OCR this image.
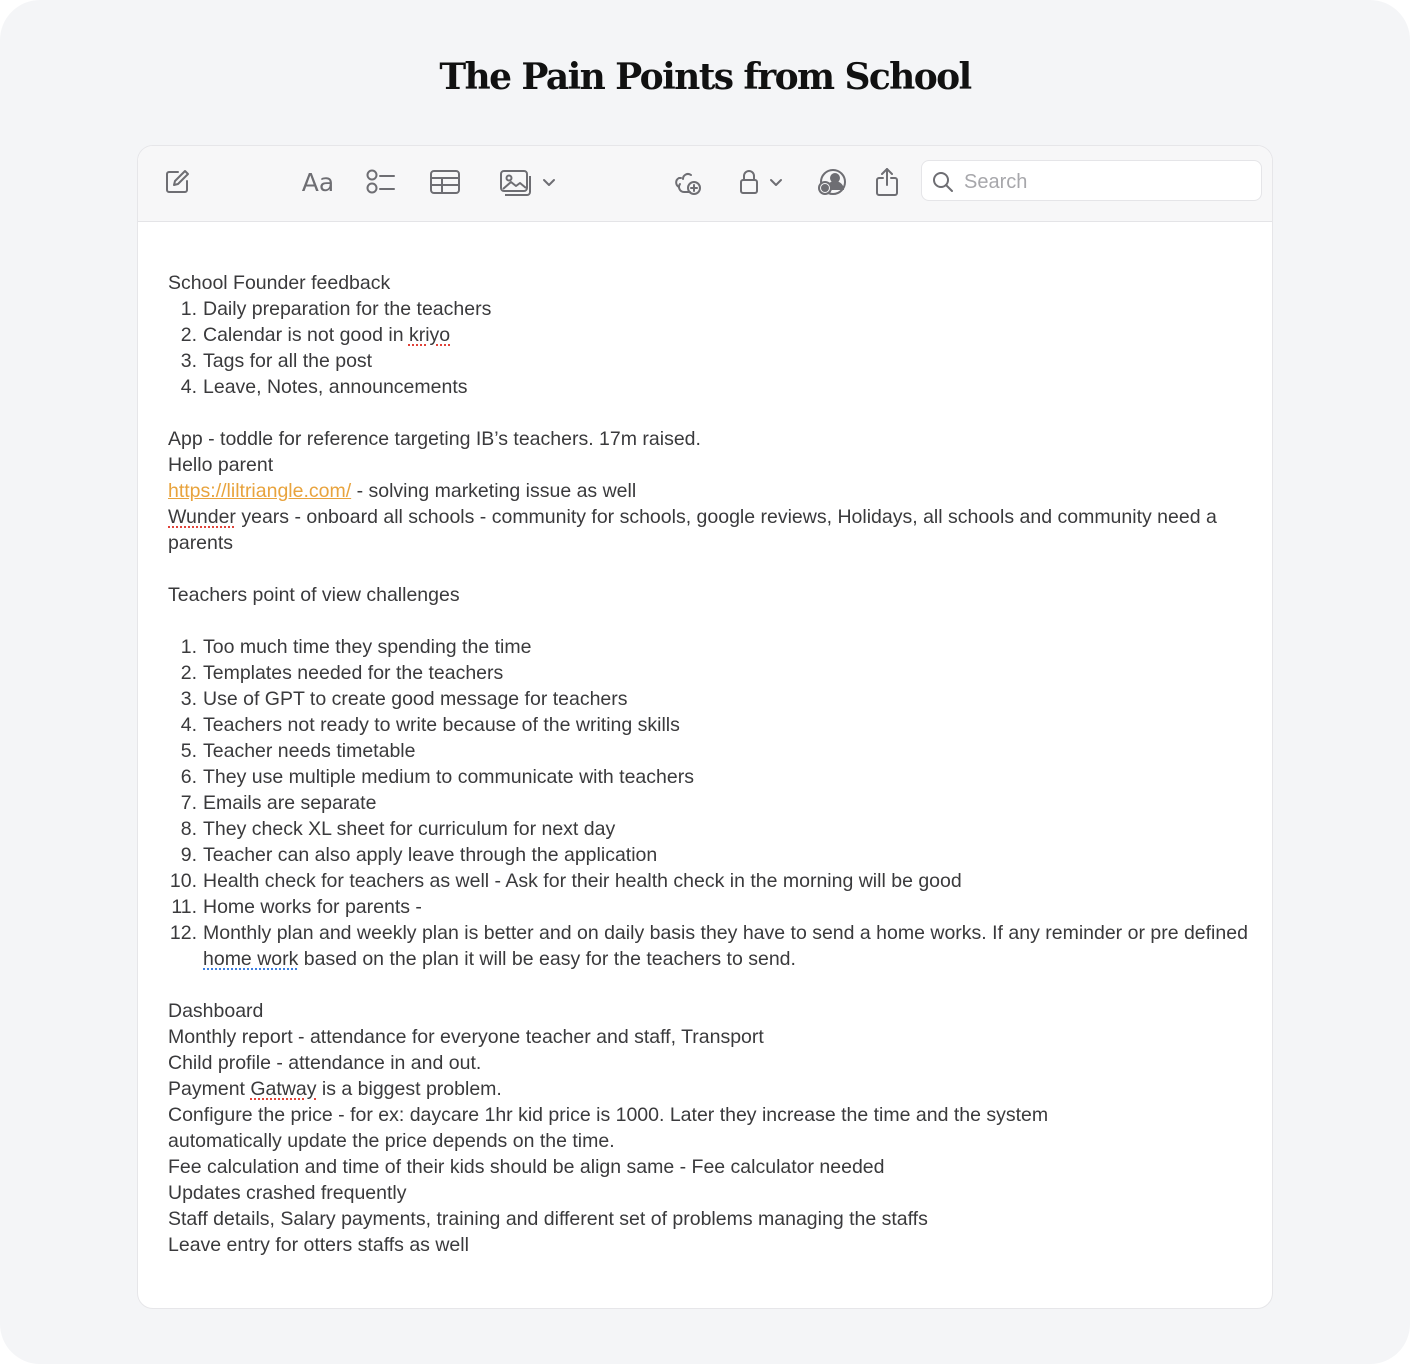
The Pain Points from School
Aa
Search
School Founder feedback
1. Daily preparation for the teachers
2. Calendar is not good in kriyo
3. Tags for all the post
4. Leave, Notes, announcements
App - toddle for reference targeting IB’s teachers. 17m raised.
Hello parent
https://liltriangle.com/ - solving marketing issue as well
Wunder years - onboard all schools - community for schools, google reviews, Holidays, all schools and community need a parents
Teachers point of view challenges
1. Too much time they spending the time
2. Templates needed for the teachers
3. Use of GPT to create good message for teachers
4. Teachers not ready to write because of the writing skills
5. Teacher needs timetable
6. They use multiple medium to communicate with teachers
7. Emails are separate
8. They check XL sheet for curriculum for next day
9. Teacher can also apply leave through the application
10. Health check for teachers as well - Ask for their health check in the morning will be good
11. Home works for parents -
12. Monthly plan and weekly plan is better and on daily basis they have to send a home works. If any reminder or pre defined home work based on the plan it will be easy for the teachers to send.
Dashboard
Monthly report - attendance for everyone teacher and staff, Transport
Child profile - attendance in and out.
Payment Gatway is a biggest problem.
Configure the price - for ex: daycare 1hr kid price is 1000. Later they increase the time and the system automatically update the price depends on the time.
Fee calculation and time of their kids should be align same - Fee calculator needed
Updates crashed frequently
Staff details, Salary payments, training and different set of problems managing the staffs
Leave entry for otters staffs as well
